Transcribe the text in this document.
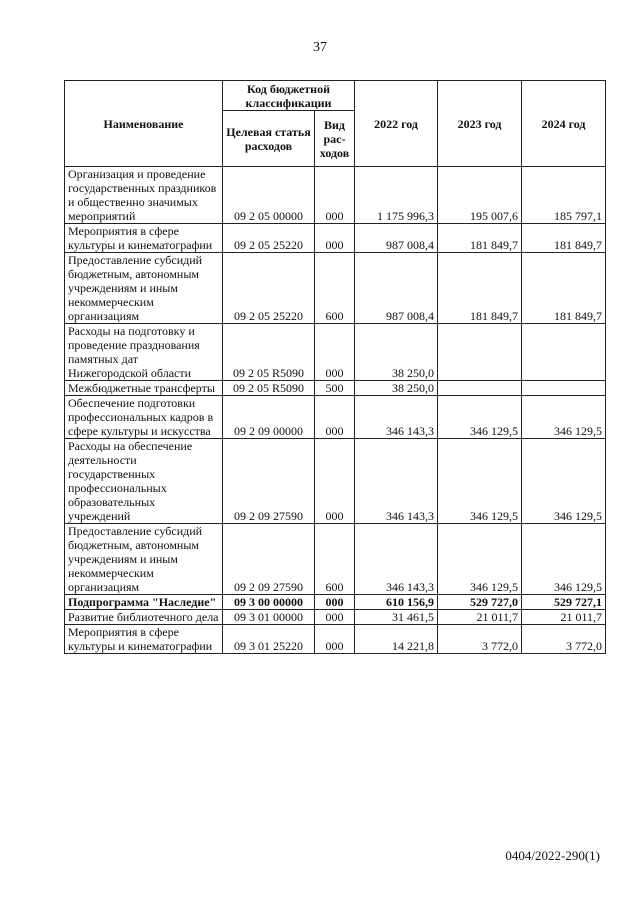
37
Наименование	Код бюджетной классификации		2022 год	2023 год	2024 год
	Целевая статья расходов	Вид рас-ходов			
Организация и проведение государственных праздников и общественно значимых мероприятий	09 2 05 00000	000	1 175 996,3	195 007,6	185 797,1
Мероприятия в сфере культуры и кинематографии	09 2 05 25220	000	987 008,4	181 849,7	181 849,7
Предоставление субсидий бюджетным, автономным учреждениям и иным некоммерческим организациям	09 2 05 25220	600	987 008,4	181 849,7	181 849,7
Расходы на подготовку и проведение празднования памятных дат Нижегородской области	09 2 05 R5090	000	38 250,0		
Межбюджетные трансферты	09 2 05 R5090	500	38 250,0		
Обеспечение подготовки профессиональных кадров в сфере культуры и искусства	09 2 09 00000	000	346 143,3	346 129,5	346 129,5
Расходы на обеспечение деятельности государственных профессиональных образовательных учреждений	09 2 09 27590	000	346 143,3	346 129,5	346 129,5
Предоставление субсидий бюджетным, автономным учреждениям и иным некоммерческим организациям	09 2 09 27590	600	346 143,3	346 129,5	346 129,5
Подпрограмма "Наследие"	09 3 00 00000	000	610 156,9	529 727,0	529 727,1
Развитие библиотечного дела	09 3 01 00000	000	31 461,5	21 011,7	21 011,7
Мероприятия в сфере культуры и кинематографии	09 3 01 25220	000	14 221,8	3 772,0	3 772,0
0404/2022-290(1)
